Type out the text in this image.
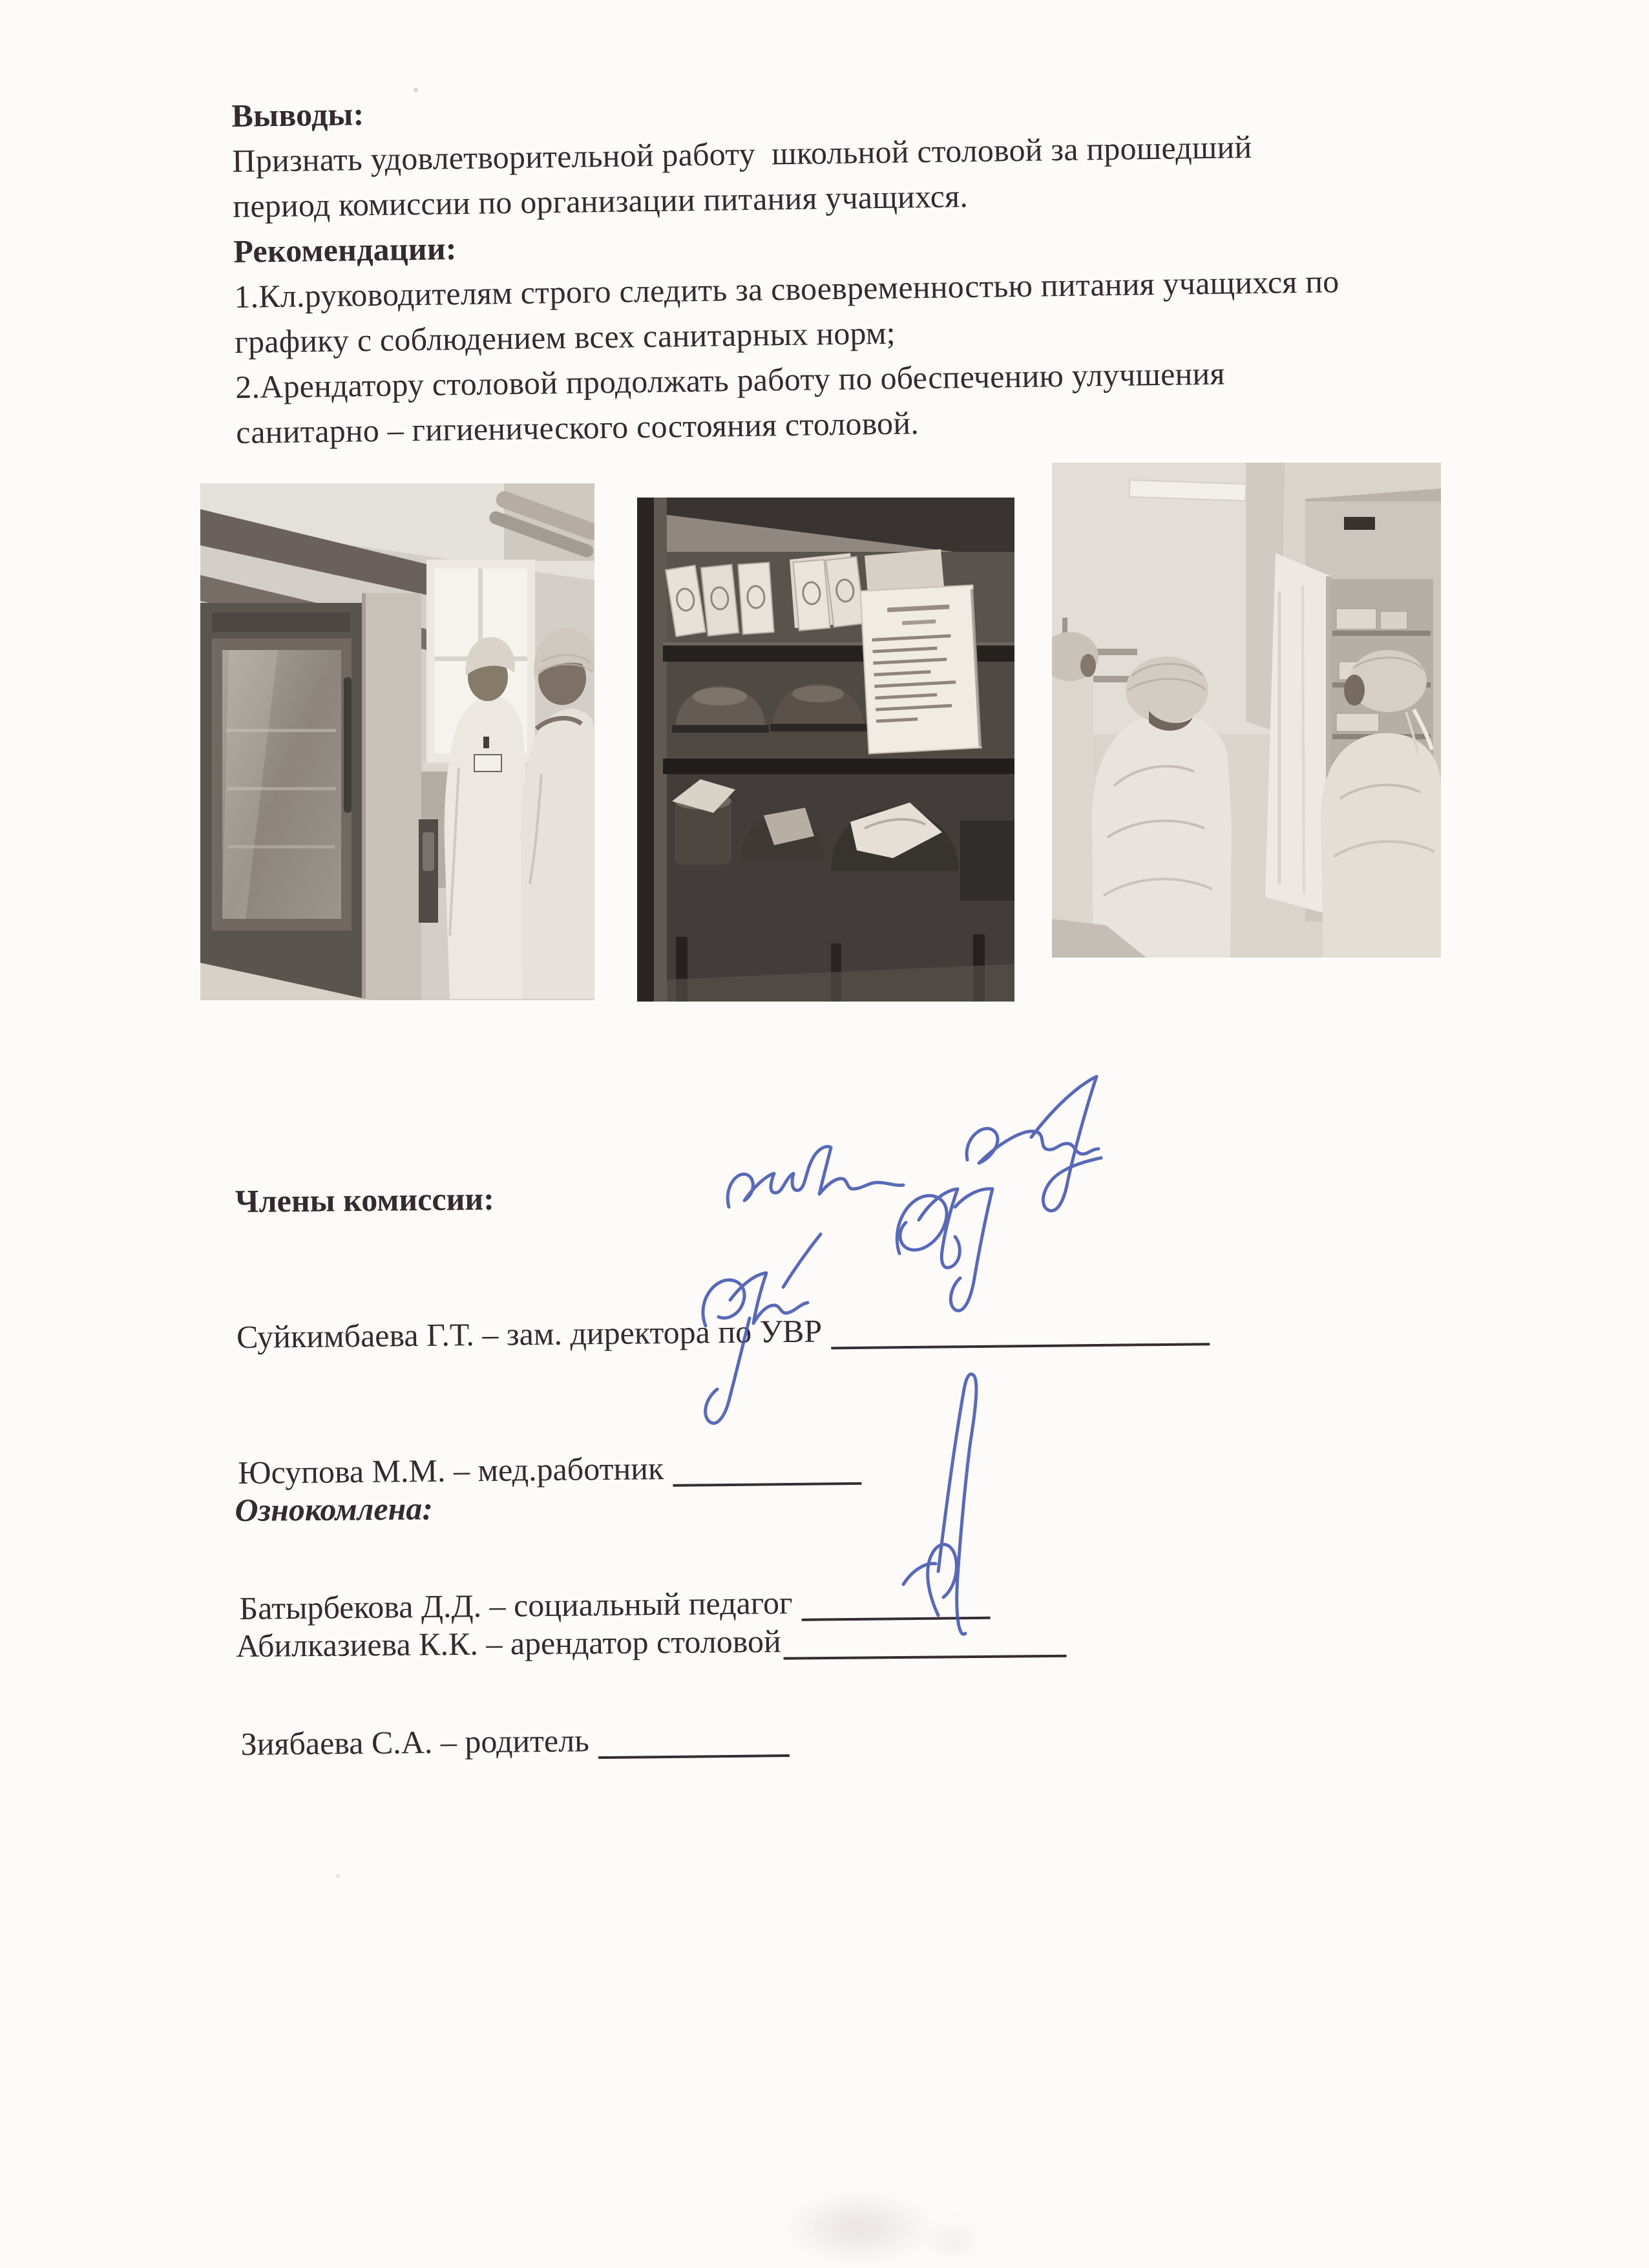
Выводы:
Признать удовлетворительной работу  школьной столовой за прошедший
период комиссии по организации питания учащихся.
Рекомендации:
1.Кл.руководителям строго следить за своевременностью питания учащихся по
графику с соблюдением всех санитарных норм;
2.Арендатору столовой продолжать работу по обеспечению улучшения
санитарно – гигиенического состояния столовой.

Члены комиссии:

Суйкимбаева Г.Т. – зам. директора по УВР

Юсупова М.М. – мед.работник

Батырбекова Д.Д. – социальный педагог

Зиябаева С.А. – родитель

Ознокомлена:

Абилказиева К.К. – арендатор столовой
